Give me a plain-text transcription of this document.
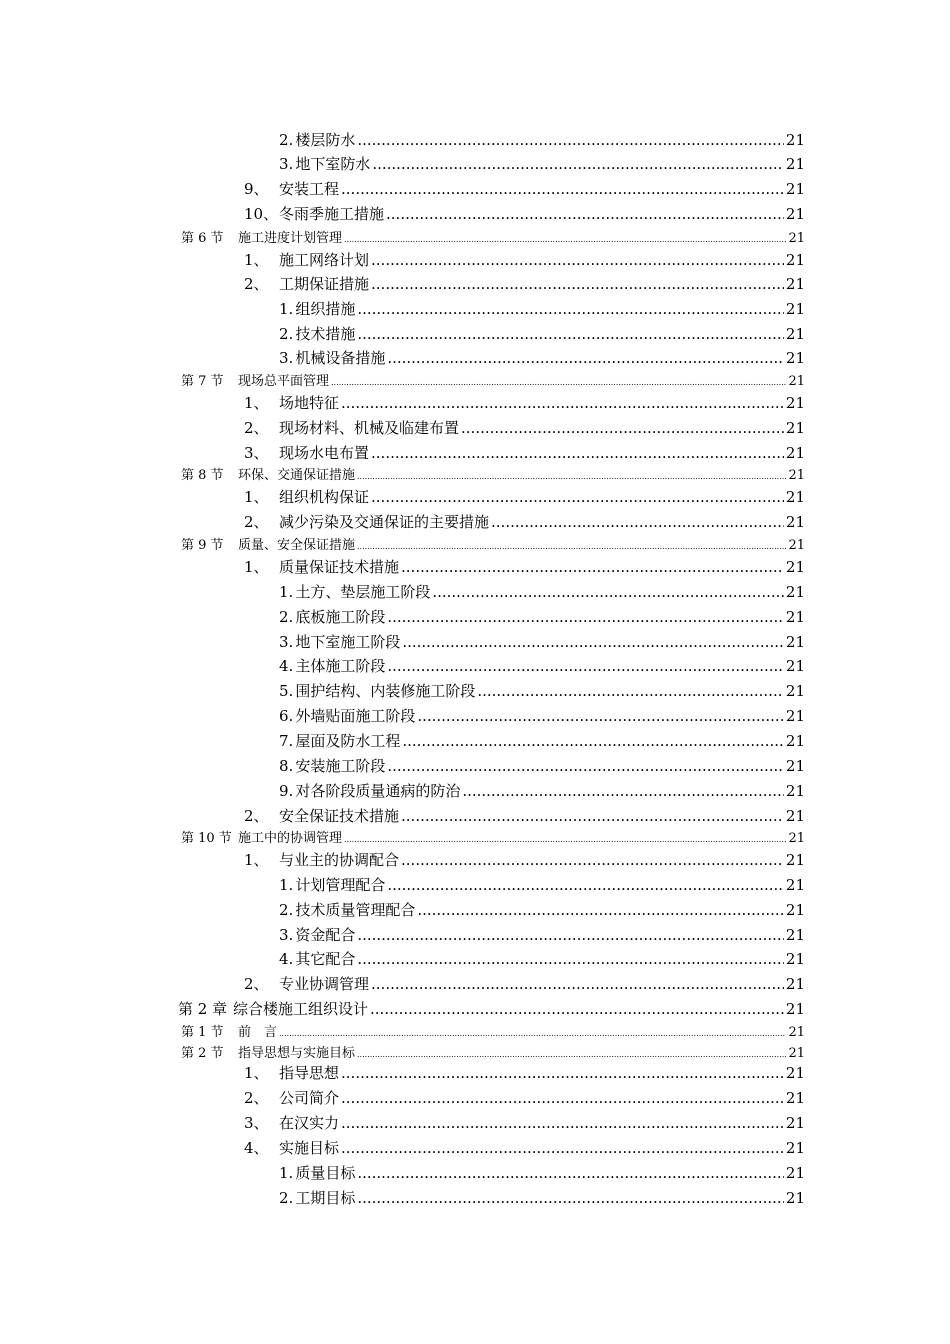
2. 楼层防水 .....	21
3. 地下室防水 .....	21
9、 安装工程 .....	21
10、冬雨季施工措施 .....	21
第 6 节 施工进度计划管理 .....	21
1、 施工网络计划 .....	21
2、 工期保证措施 .....	21
1. 组织措施 .....	21
2. 技术措施 .....	21
3. 机械设备措施 .....	21
第 7 节 现场总平面管理 .....	21
1、 场地特征 .....	21
2、 现场材料、机械及临建布置 .....	21
3、 现场水电布置 .....	21
第 8 节 环保、交通保证措施 .....	21
1、 组织机构保证 .....	21
2、 减少污染及交通保证的主要措施 .....	21
第 9 节 质量、安全保证措施 .....	21
1、 质量保证技术措施 .....	21
1. 土方、垫层施工阶段 .....	21
2. 底板施工阶段 .....	21
3. 地下室施工阶段 .....	21
4. 主体施工阶段 .....	21
5. 围护结构、内装修施工阶段 .....	21
6. 外墙贴面施工阶段 .....	21
7. 屋面及防水工程 .....	21
8. 安装施工阶段 .....	21
9. 对各阶段质量通病的防治 .....	21
2、 安全保证技术措施 .....	21
第 10 节 施工中的协调管理 .....	21
1、 与业主的协调配合 .....	21
1. 计划管理配合 .....	21
2. 技术质量管理配合 .....	21
3. 资金配合 .....	21
4. 其它配合 .....	21
2、 专业协调管理 .....	21
第 2 章 综合楼施工组织设计 .....	21
第 1 节 前　言 .....	21
第 2 节 指导思想与实施目标 .....	21
1、 指导思想 .....	21
2、 公司简介 .....	21
3、 在汉实力 .....	21
4、 实施目标 .....	21
1. 质量目标 .....	21
2. 工期目标 .....	21
